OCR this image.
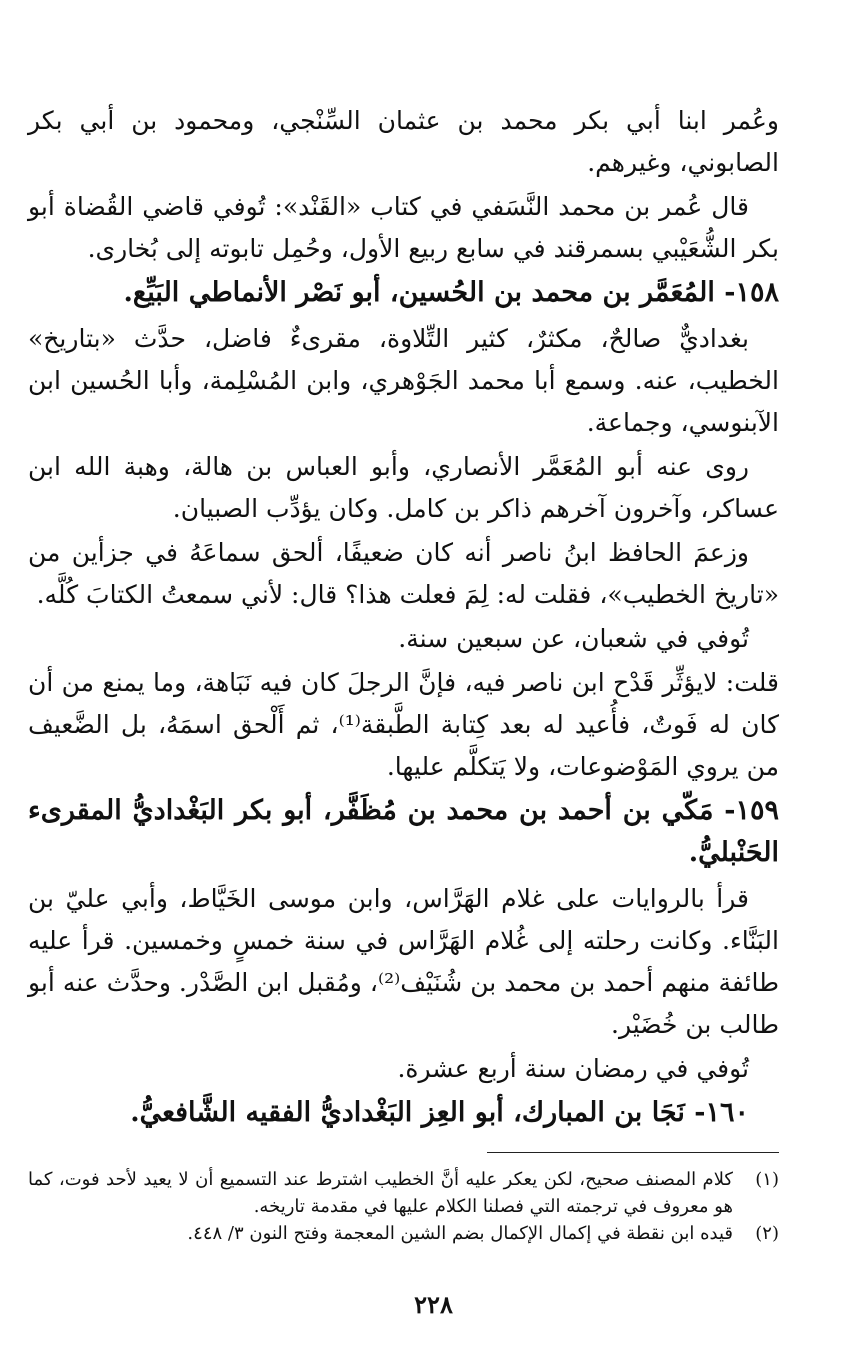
وعُمر ابنا أبي بكر محمد بن عثمان السِّنْجي، ومحمود بن أبي بكر الصابوني، وغيرهم.

قال عُمر بن محمد النَّسَفي في كتاب «القَنْد»: تُوفي قاضي القُضاة أبو بكر الشُّعَيْبي بسمرقند في سابع ربيع الأول، وحُمِل تابوته إلى بُخارى.

١٥٨- المُعَمَّر بن محمد بن الحُسين، أبو نَصْر الأنماطي البَيِّع.

بغداديٌّ صالحٌ، مكثرٌ، كثير التِّلاوة، مقرىءٌ فاضل، حدَّث «بتاريخ» الخطيب، عنه. وسمع أبا محمد الجَوْهري، وابن المُسْلِمة، وأبا الحُسين ابن الآبنوسي، وجماعة.

روى عنه أبو المُعَمَّر الأنصاري، وأبو العباس بن هالة، وهبة الله ابن عساكر، وآخرون آخرهم ذاكر بن كامل. وكان يؤدِّب الصبيان.

وزعمَ الحافظ ابنُ ناصر أنه كان ضعيفًا، ألحق سماعَهُ في جزأين من «تاريخ الخطيب»، فقلت له: لِمَ فعلت هذا؟ قال: لأني سمعتُ الكتابَ كُلَّه.

تُوفي في شعبان، عن سبعين سنة.

قلت: لايؤثِّر قَدْح ابن ناصر فيه، فإنَّ الرجلَ كان فيه نَبَاهة، وما يمنع من أن كان له فَوتٌ، فأُعيد له بعد كِتابة الطَّبقة⁽¹⁾، ثم أَلْحق اسمَهُ، بل الضَّعيف من يروي المَوْضوعات، ولا يَتكلَّم عليها.

١٥٩- مَكّي بن أحمد بن محمد بن مُظَفَّر، أبو بكر البَغْداديُّ المقرىء الحَنْبليُّ.

قرأ بالروايات على غلام الهَرَّاس، وابن موسى الخَيَّاط، وأبي عليّ بن البَنَّاء. وكانت رحلته إلى غُلام الهَرَّاس في سنة خمسٍ وخمسين. قرأ عليه طائفة منهم أحمد بن محمد بن شُنَيْف⁽²⁾، ومُقبل ابن الصَّدْر. وحدَّث عنه أبو طالب بن خُضَيْر.

تُوفي في رمضان سنة أربع عشرة.

١٦٠- نَجَا بن المبارك، أبو العِز البَغْداديُّ الفقيه الشَّافعيُّ.
(١)
كلام المصنف صحيح، لكن يعكر عليه أنَّ الخطيب اشترط عند التسميع أن لا يعيد لأحد فوت، كما هو معروف في ترجمته التي فصلنا الكلام عليها في مقدمة تاريخه.
(٢)
قيده ابن نقطة في إكمال الإكمال بضم الشين المعجمة وفتح النون ٣/ ٤٤٨.
٢٢٨
